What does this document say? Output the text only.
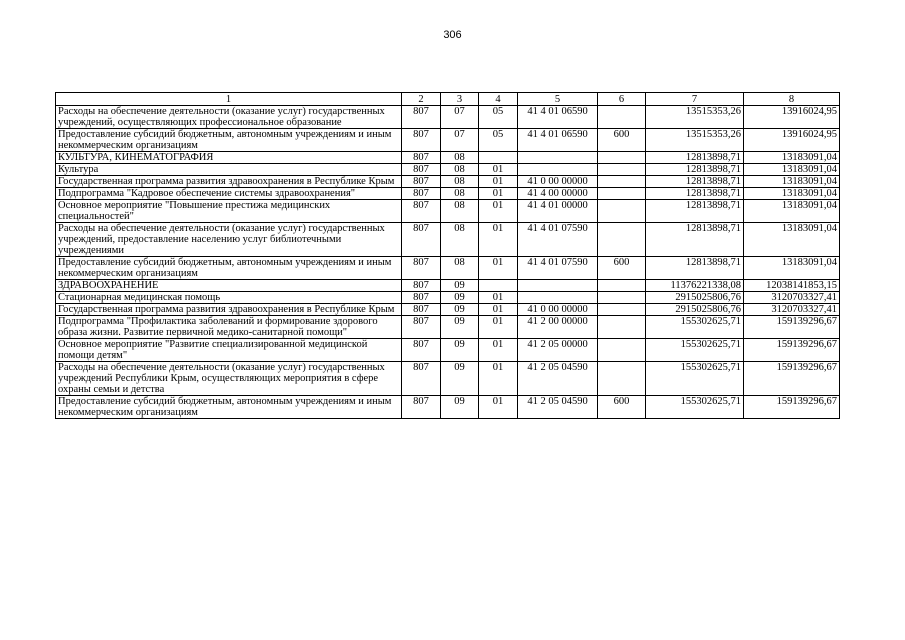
306
1	2	3	4	5	6	7	8
Расходы на обеспечение деятельности (оказание услуг) государственных учреждений, осуществляющих профессиональное образование	807	07	05	41 4 01 06590		13515353,26	13916024,95
Предоставление субсидий бюджетным, автономным учреждениям и иным некоммерческим организациям	807	07	05	41 4 01 06590	600	13515353,26	13916024,95
КУЛЬТУРА, КИНЕМАТОГРАФИЯ	807	08				12813898,71	13183091,04
Культура	807	08	01			12813898,71	13183091,04
Государственная программа развития здравоохранения в Республике Крым	807	08	01	41 0 00 00000		12813898,71	13183091,04
Подпрограмма "Кадровое обеспечение системы здравоохранения"	807	08	01	41 4 00 00000		12813898,71	13183091,04
Основное мероприятие "Повышение престижа медицинских специальностей"	807	08	01	41 4 01 00000		12813898,71	13183091,04
Расходы на обеспечение деятельности (оказание услуг) государственных учреждений, предоставление населению услуг библиотечными учреждениями	807	08	01	41 4 01 07590		12813898,71	13183091,04
Предоставление субсидий бюджетным, автономным учреждениям и иным некоммерческим организациям	807	08	01	41 4 01 07590	600	12813898,71	13183091,04
ЗДРАВООХРАНЕНИЕ	807	09				11376221338,08	12038141853,15
Стационарная медицинская помощь	807	09	01			2915025806,76	3120703327,41
Государственная программа развития здравоохранения в Республике Крым	807	09	01	41 0 00 00000		2915025806,76	3120703327,41
Подпрограмма "Профилактика заболеваний и формирование здорового образа жизни. Развитие первичной медико-санитарной помощи"	807	09	01	41 2 00 00000		155302625,71	159139296,67
Основное мероприятие "Развитие специализированной медицинской помощи детям"	807	09	01	41 2 05 00000		155302625,71	159139296,67
Расходы на обеспечение деятельности (оказание услуг) государственных учреждений Республики Крым, осуществляющих мероприятия в сфере охраны семьи и детства	807	09	01	41 2 05 04590		155302625,71	159139296,67
Предоставление субсидий бюджетным, автономным учреждениям и иным некоммерческим организациям	807	09	01	41 2 05 04590	600	155302625,71	159139296,67
